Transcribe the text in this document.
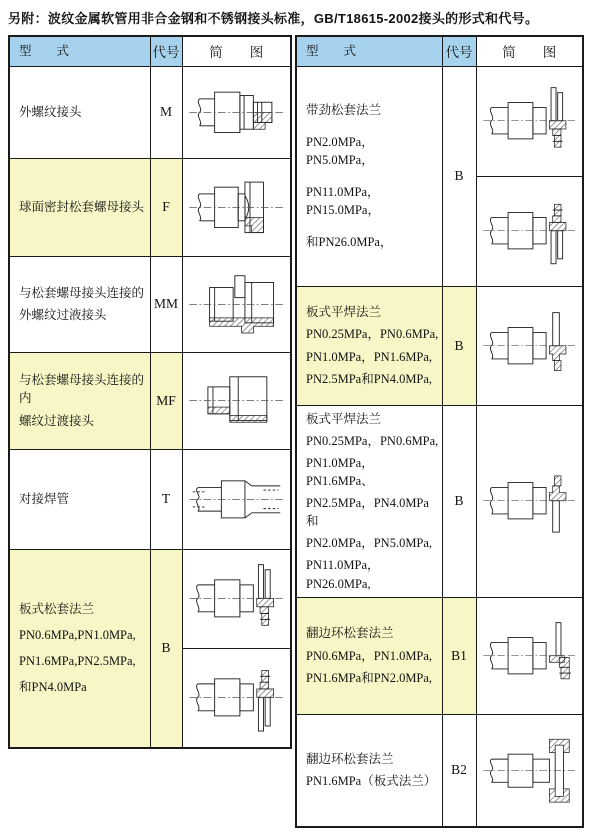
另附：波纹金属软管用非合金钢和不锈钢接头标准，GB/T18615-2002接头的形式和代号。
型　　式	代号	简　　图

外螺纹接头	M	

球面密封松套螺母接头	F	

与松套螺母接头连接的
外螺纹过液接头	MM	

与松套螺母接头连接的内
螺纹过渡接头	MF	

对接焊管	T	

板式松套法兰
PN0.6MPa,PN1.0MPa,
PN1.6MPa,PN2.5MPa,
和PN4.0MPa	B	
型　　式	代号	简　　图

带劲松套法兰
PN2.0MPa，PN5.0MPa，
PN11.0MPa，PN15.0MPa，
和PN26.0MPa，	B	

板式平焊法兰
PN0.25MPa，PN0.6MPa,
PN1.0MPa，PN1.6MPa,
PN2.5MPa和PN4.0MPa,	B	

板式平焊法兰
PN0.25MPa，PN0.6MPa,
PN1.0MPa，PN1.6MPa、
PN2.5MPa，PN4.0MPa和
PN2.0MPa，PN5.0MPa,
PN11.0MPa，PN26.0MPa,
	B	

翻边环松套法兰
PN0.6MPa，PN1.0MPa,
PN1.6MPa和PN2.0MPa,	B1	

翻边环松套法兰
PN1.6MPa（板式法兰）	B2	
